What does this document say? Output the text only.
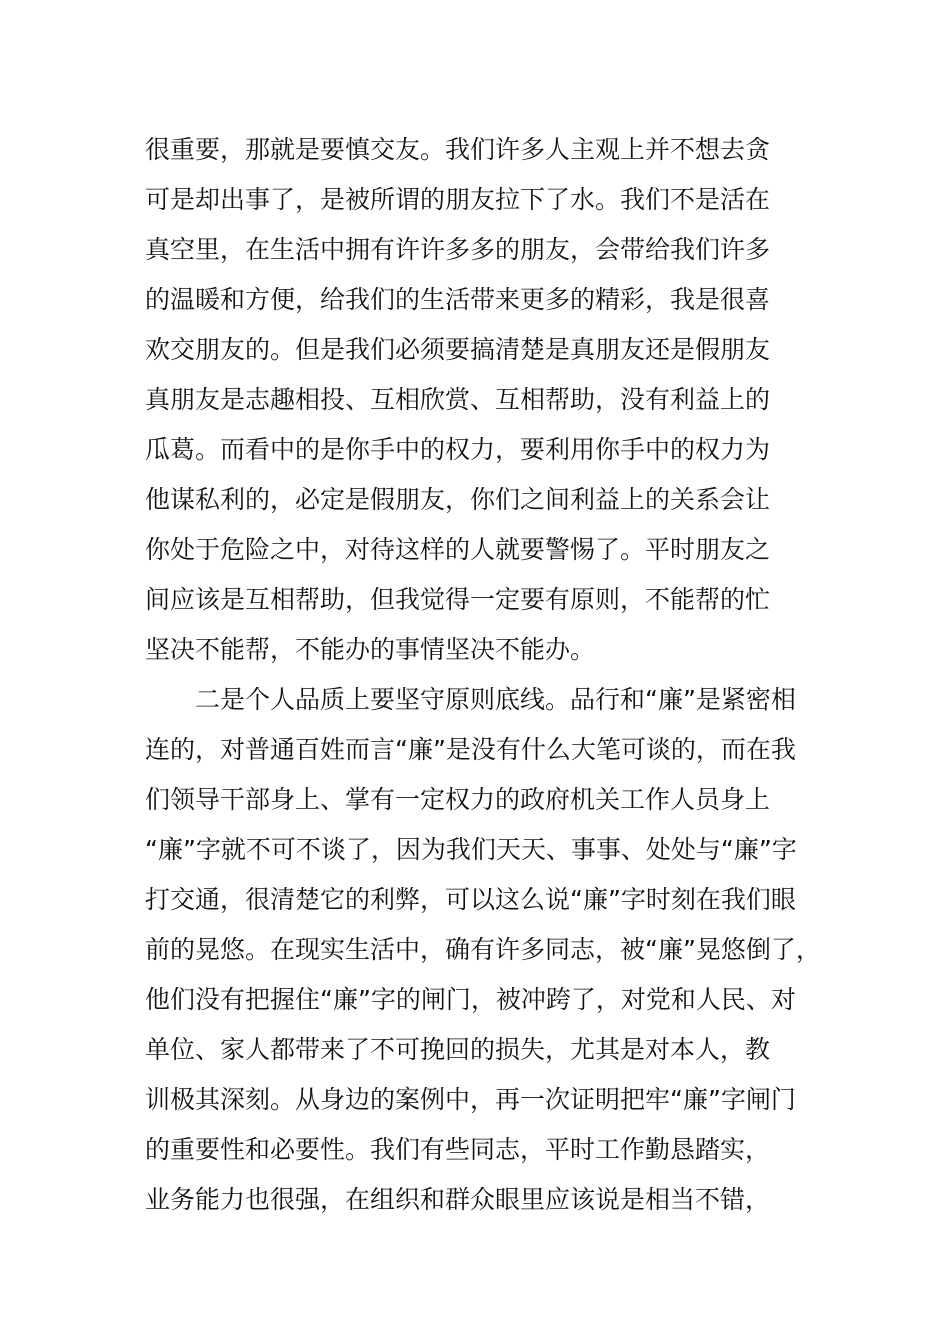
很重要，那就是要慎交友。我们许多人主观上并不想去贪
可是却出事了，是被所谓的朋友拉下了水。我们不是活在
真空里，在生活中拥有许许多多的朋友，会带给我们许多
的温暖和方便，给我们的生活带来更多的精彩，我是很喜
欢交朋友的。但是我们必须要搞清楚是真朋友还是假朋友
真朋友是志趣相投、互相欣赏、互相帮助，没有利益上的
瓜葛。而看中的是你手中的权力，要利用你手中的权力为
他谋私利的，必定是假朋友，你们之间利益上的关系会让
你处于危险之中，对待这样的人就要警惕了。平时朋友之
间应该是互相帮助，但我觉得一定要有原则，不能帮的忙
坚决不能帮，不能办的事情坚决不能办。
二是个人品质上要坚守原则底线。品行和“廉”是紧密相
连的，对普通百姓而言“廉”是没有什么大笔可谈的，而在我
们领导干部身上、掌有一定权力的政府机关工作人员身上
“廉”字就不可不谈了，因为我们天天、事事、处处与“廉”字
打交通，很清楚它的利弊，可以这么说“廉”字时刻在我们眼
前的晃悠。在现实生活中，确有许多同志，被“廉”晃悠倒了，
他们没有把握住“廉”字的闸门，被冲跨了，对党和人民、对
单位、家人都带来了不可挽回的损失，尤其是对本人，教
训极其深刻。从身边的案例中，再一次证明把牢“廉”字闸门
的重要性和必要性。我们有些同志，平时工作勤恳踏实，
业务能力也很强，在组织和群众眼里应该说是相当不错，
